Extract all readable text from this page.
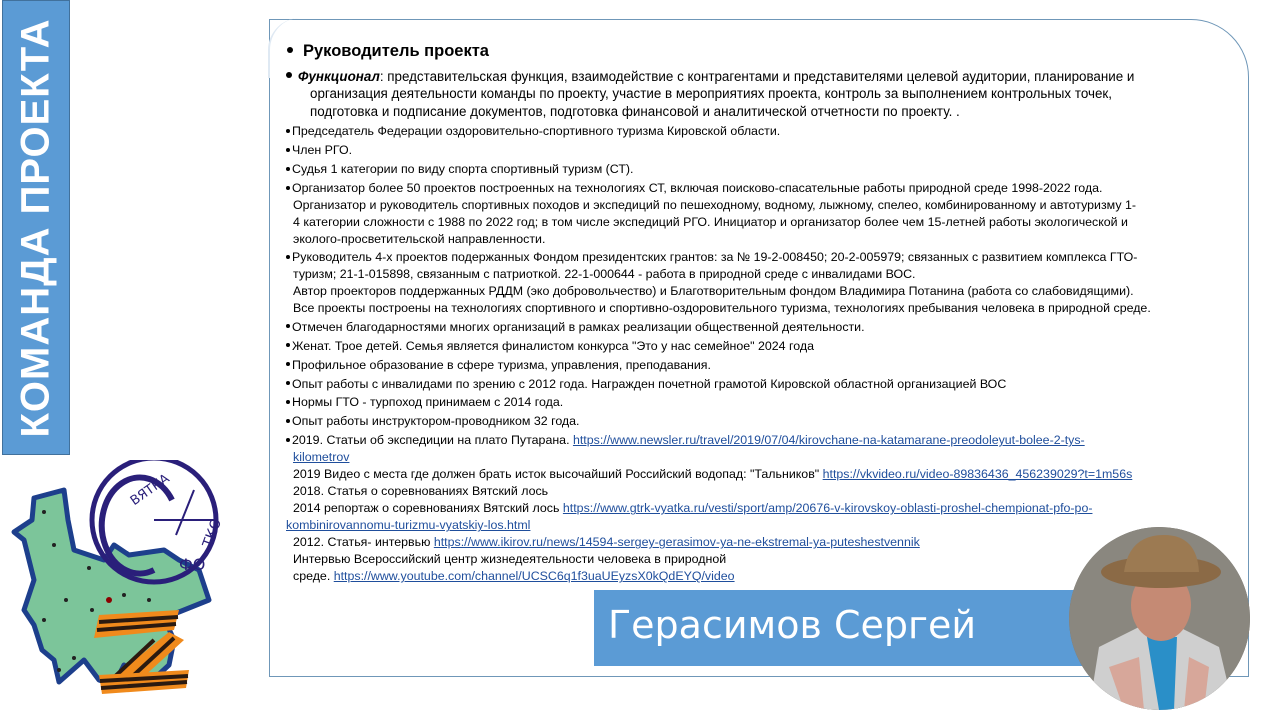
КОМАНДА ПРОЕКТА
ВЯТКА
ФО
ТКО
Руководитель проекта
Функционал: представительская функция, взаимодействие с контрагентами и представителями целевой аудитории, планирование и
организация деятельности команды по проекту, участие в мероприятиях проекта, контроль за выполнением контрольных точек,
подготовка и подписание документов, подготовка финансовой и аналитической отчетности по проекту. .
Председатель Федерации оздоровительно-спортивного туризма Кировской области.
Член РГО.
Судья 1 категории по виду спорта спортивный туризм (СТ).
Организатор более 50 проектов построенных на технологиях СТ, включая поисково-спасательные работы природной среде 1998-2022 года.
Организатор и руководитель спортивных походов и экспедиций по пешеходному, водному, лыжному, спелео, комбинированному и автотуризму 1-
4 категории сложности с 1988 по 2022 год; в том числе экспедиций РГО. Инициатор и организатор более чем 15-летней работы экологической и
эколого-просветительской направленности.
Руководитель 4-х проектов подержанных Фондом президентских грантов: за № 19-2-008450; 20-2-005979; связанных с развитием комплекса ГТО-
туризм; 21-1-015898, связанным с патриоткой. 22-1-000644 - работа в природной среде с инвалидами ВОС.
Автор проекторов поддержанных РДДМ (эко добровольчество) и Благотворительным фондом Владимира Потанина (работа со слабовидящими).
Все проекты построены на технологиях спортивного и спортивно-оздоровительного туризма, технологиях пребывания человека в природной среде.
Отмечен благодарностями многих организаций в рамках реализации общественной деятельности.
Женат. Трое детей. Семья является финалистом конкурса "Это у нас семейное" 2024 года
Профильное образование в сфере туризма, управления, преподавания.
Опыт работы с инвалидами по зрению с 2012 года. Награжден почетной грамотой Кировской областной организацией ВОС
Нормы ГТО - турпоход принимаем с 2014 года.
Опыт работы инструктором-проводником 32 года.
2019. Статьи об экспедиции на плато Путарана. https://www.newsler.ru/travel/2019/07/04/kirovchane-na-katamarane-preodoleyut-bolee-2-tys-
kilometrov
2019 Видео с места где должен брать исток высочайший Российский водопад: "Тальников" https://vkvideo.ru/video-89836436_456239029?t=1m56s
2018. Статья о соревнованиях Вятский лось
2014 репортаж о соревнованиях Вятский лось https://www.gtrk-vyatka.ru/vesti/sport/amp/20676-v-kirovskoy-oblasti-proshel-chempionat-pfo-po-
kombinirovannomu-turizmu-vyatskiy-los.html
2012. Статья- интервью https://www.ikirov.ru/news/14594-sergey-gerasimov-ya-ne-ekstremal-ya-puteshestvennik
Интервью Всероссийский центр жизнедеятельности человека в природной
среде. https://www.youtube.com/channel/UCSC6q1f3uaUEyzsX0kQdEYQ/video
Герасимов Сергей
